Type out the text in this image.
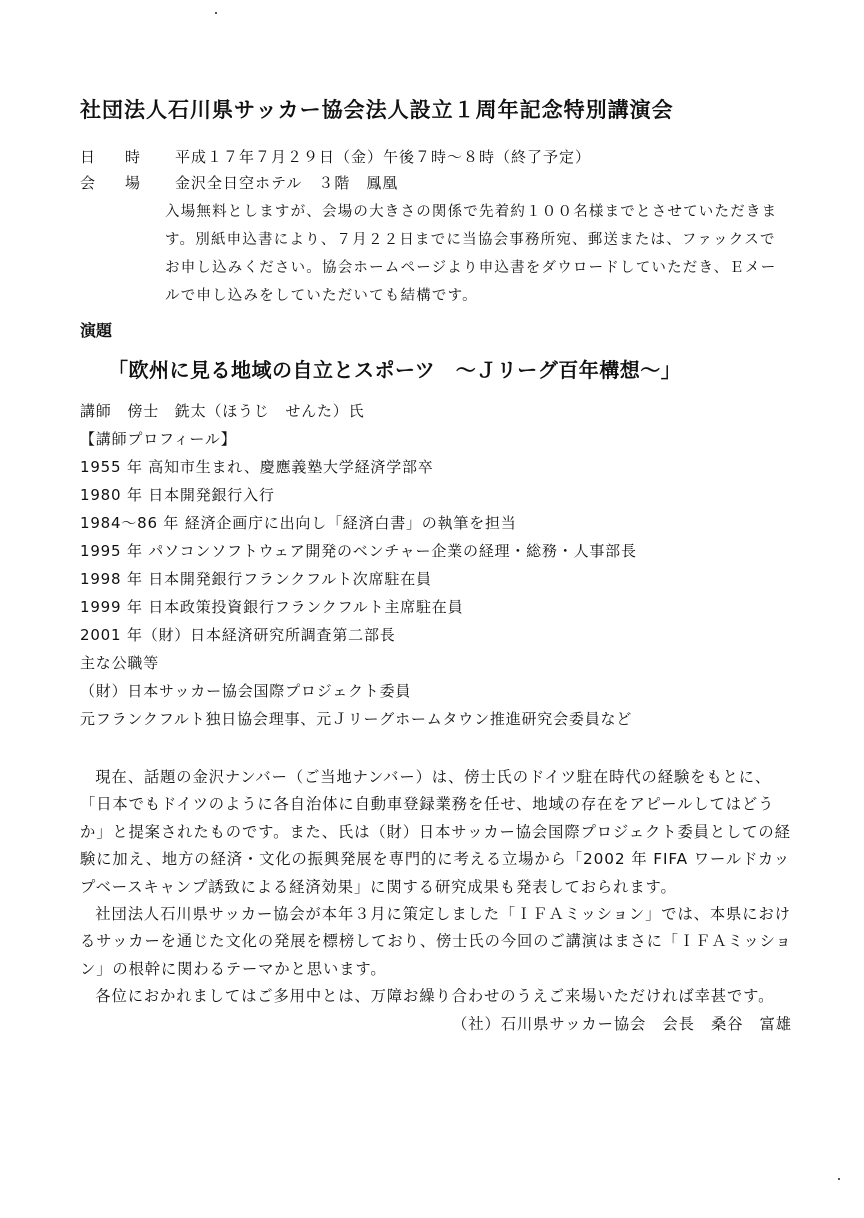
社団法人石川県サッカー協会法人設立１周年記念特別講演会
日時 平成１７年７月２９日（金）午後７時～８時（終了予定）
会場 金沢全日空ホテル　３階　鳳凰
入場無料としますが、会場の大きさの関係で先着約１００名様までとさせていただきます。別紙申込書により、７月２２日までに当協会事務所宛、郵送または、ファックスでお申し込みください。協会ホームページより申込書をダウロードしていただき、Ｅメールで申し込みをしていただいても結構です。
演題
「欧州に見る地域の自立とスポーツ　～Ｊリーグ百年構想～」
講師　傍士　銑太（ほうじ　せんた）氏
【講師プロフィール】
1955 年 高知市生まれ、慶應義塾大学経済学部卒
1980 年 日本開発銀行入行
1984～86 年 経済企画庁に出向し「経済白書」の執筆を担当
1995 年 パソコンソフトウェア開発のベンチャー企業の経理・総務・人事部長
1998 年 日本開発銀行フランクフルト次席駐在員
1999 年 日本政策投資銀行フランクフルト主席駐在員
2001 年（財）日本経済研究所調査第二部長
主な公職等
（財）日本サッカー協会国際プロジェクト委員
元フランクフルト独日協会理事、元Ｊリーグホームタウン推進研究会委員など

現在、話題の金沢ナンバー（ご当地ナンバー）は、傍士氏のドイツ駐在時代の経験をもとに、「日本でもドイツのように各自治体に自動車登録業務を任せ、地域の存在をアピールしてはどうか」と提案されたものです。また、氏は（財）日本サッカー協会国際プロジェクト委員としての経験に加え、地方の経済・文化の振興発展を専門的に考える立場から「2002 年 FIFA ワールドカップベースキャンプ誘致による経済効果」に関する研究成果も発表しておられます。

社団法人石川県サッカー協会が本年３月に策定しました「ＩＦＡミッション」では、本県におけるサッカーを通じた文化の発展を標榜しており、傍士氏の今回のご講演はまさに「ＩＦＡミッション」の根幹に関わるテーマかと思います。

各位におかれましてはご多用中とは、万障お繰り合わせのうえご来場いただければ幸甚です。
（社）石川県サッカー協会　会長　桑谷　富雄
